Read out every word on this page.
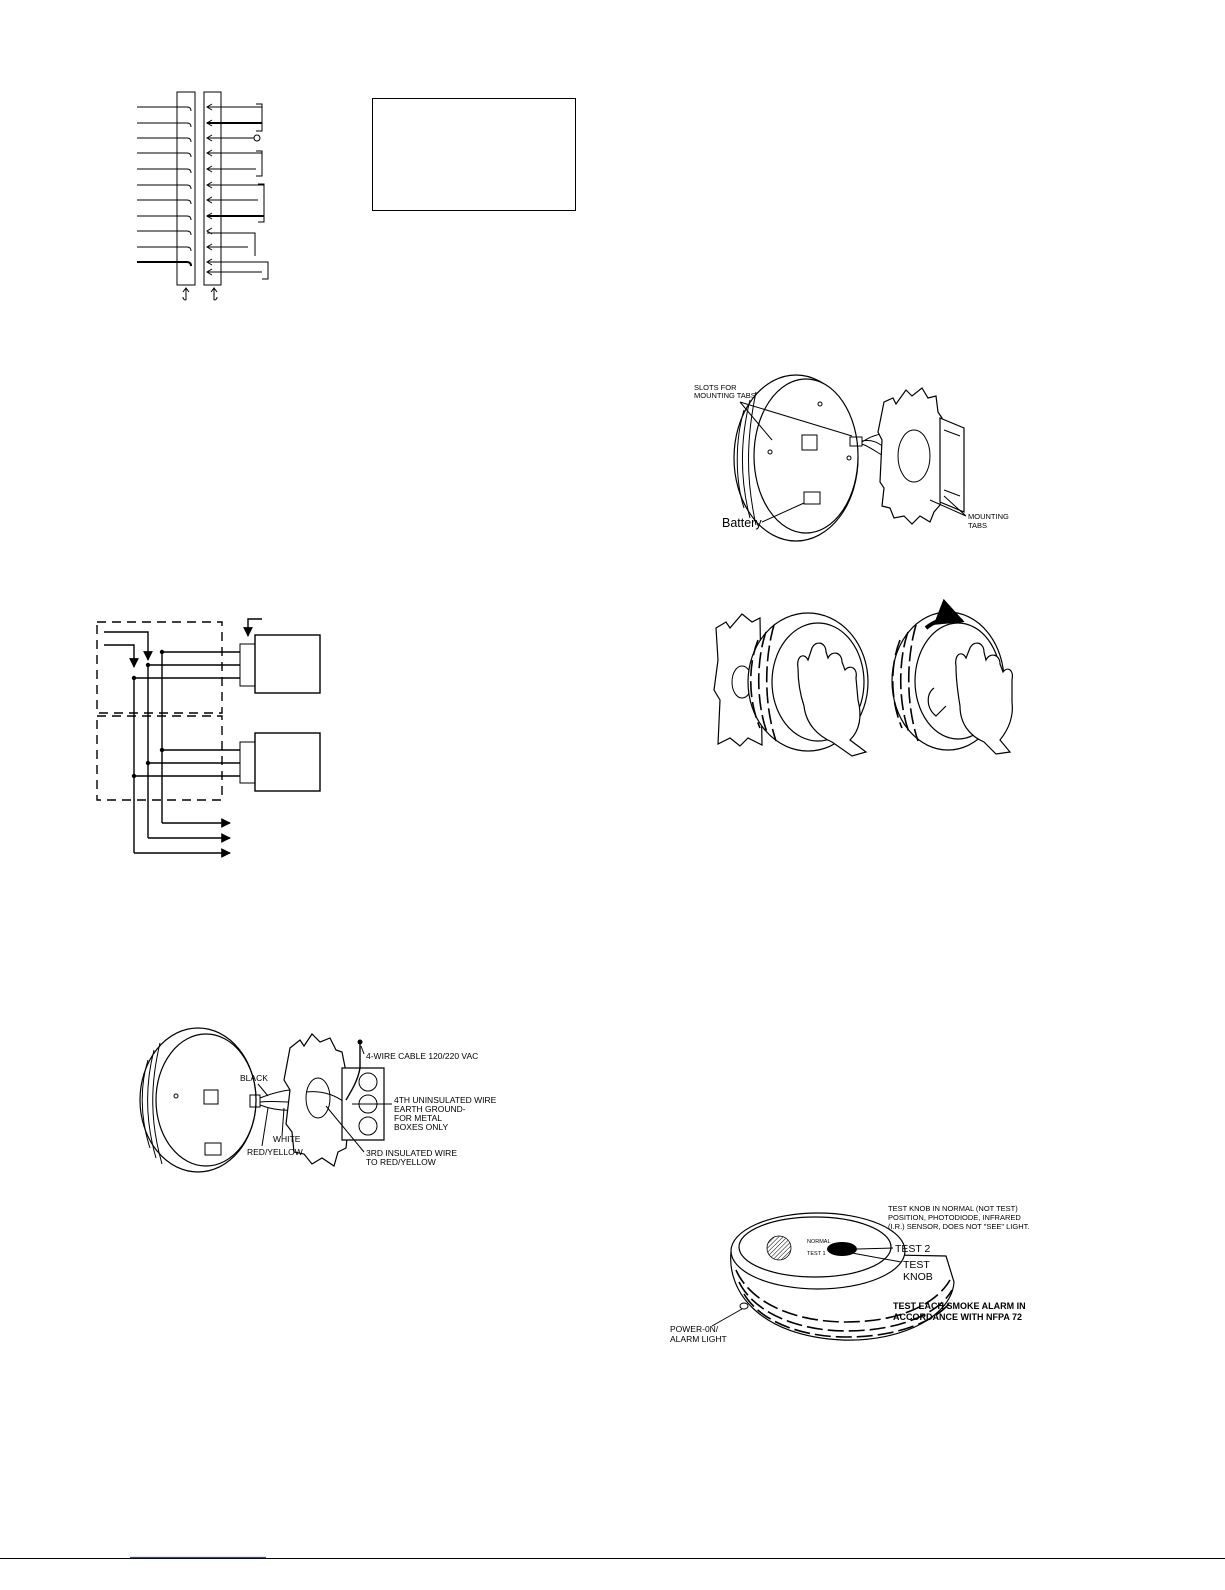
SLOTS FOR
MOUNTING TABS
Battery	MOUNTING
TABS
4-WIRE CABLE 120/220 VAC
BLACK
4TH UNINSULATED WIRE
EARTH GROUND-
FOR METAL
BOXES ONLY
WHITE
RED/YELLOW	3RD INSULATED WIRE
TO RED/YELLOW
TEST KNOB IN NORMAL (NOT TEST)
POSITION, PHOTODIODE, INFRARED
(I.R.) SENSOR, DOES NOT "SEE" LIGHT.
NORMAL
TEST 1	TEST 2
TEST
KNOB
TEST EACH SMOKE ALARM IN
ACCORDANCE WITH NFPA 72
POWER-0N/
ALARM LIGHT
